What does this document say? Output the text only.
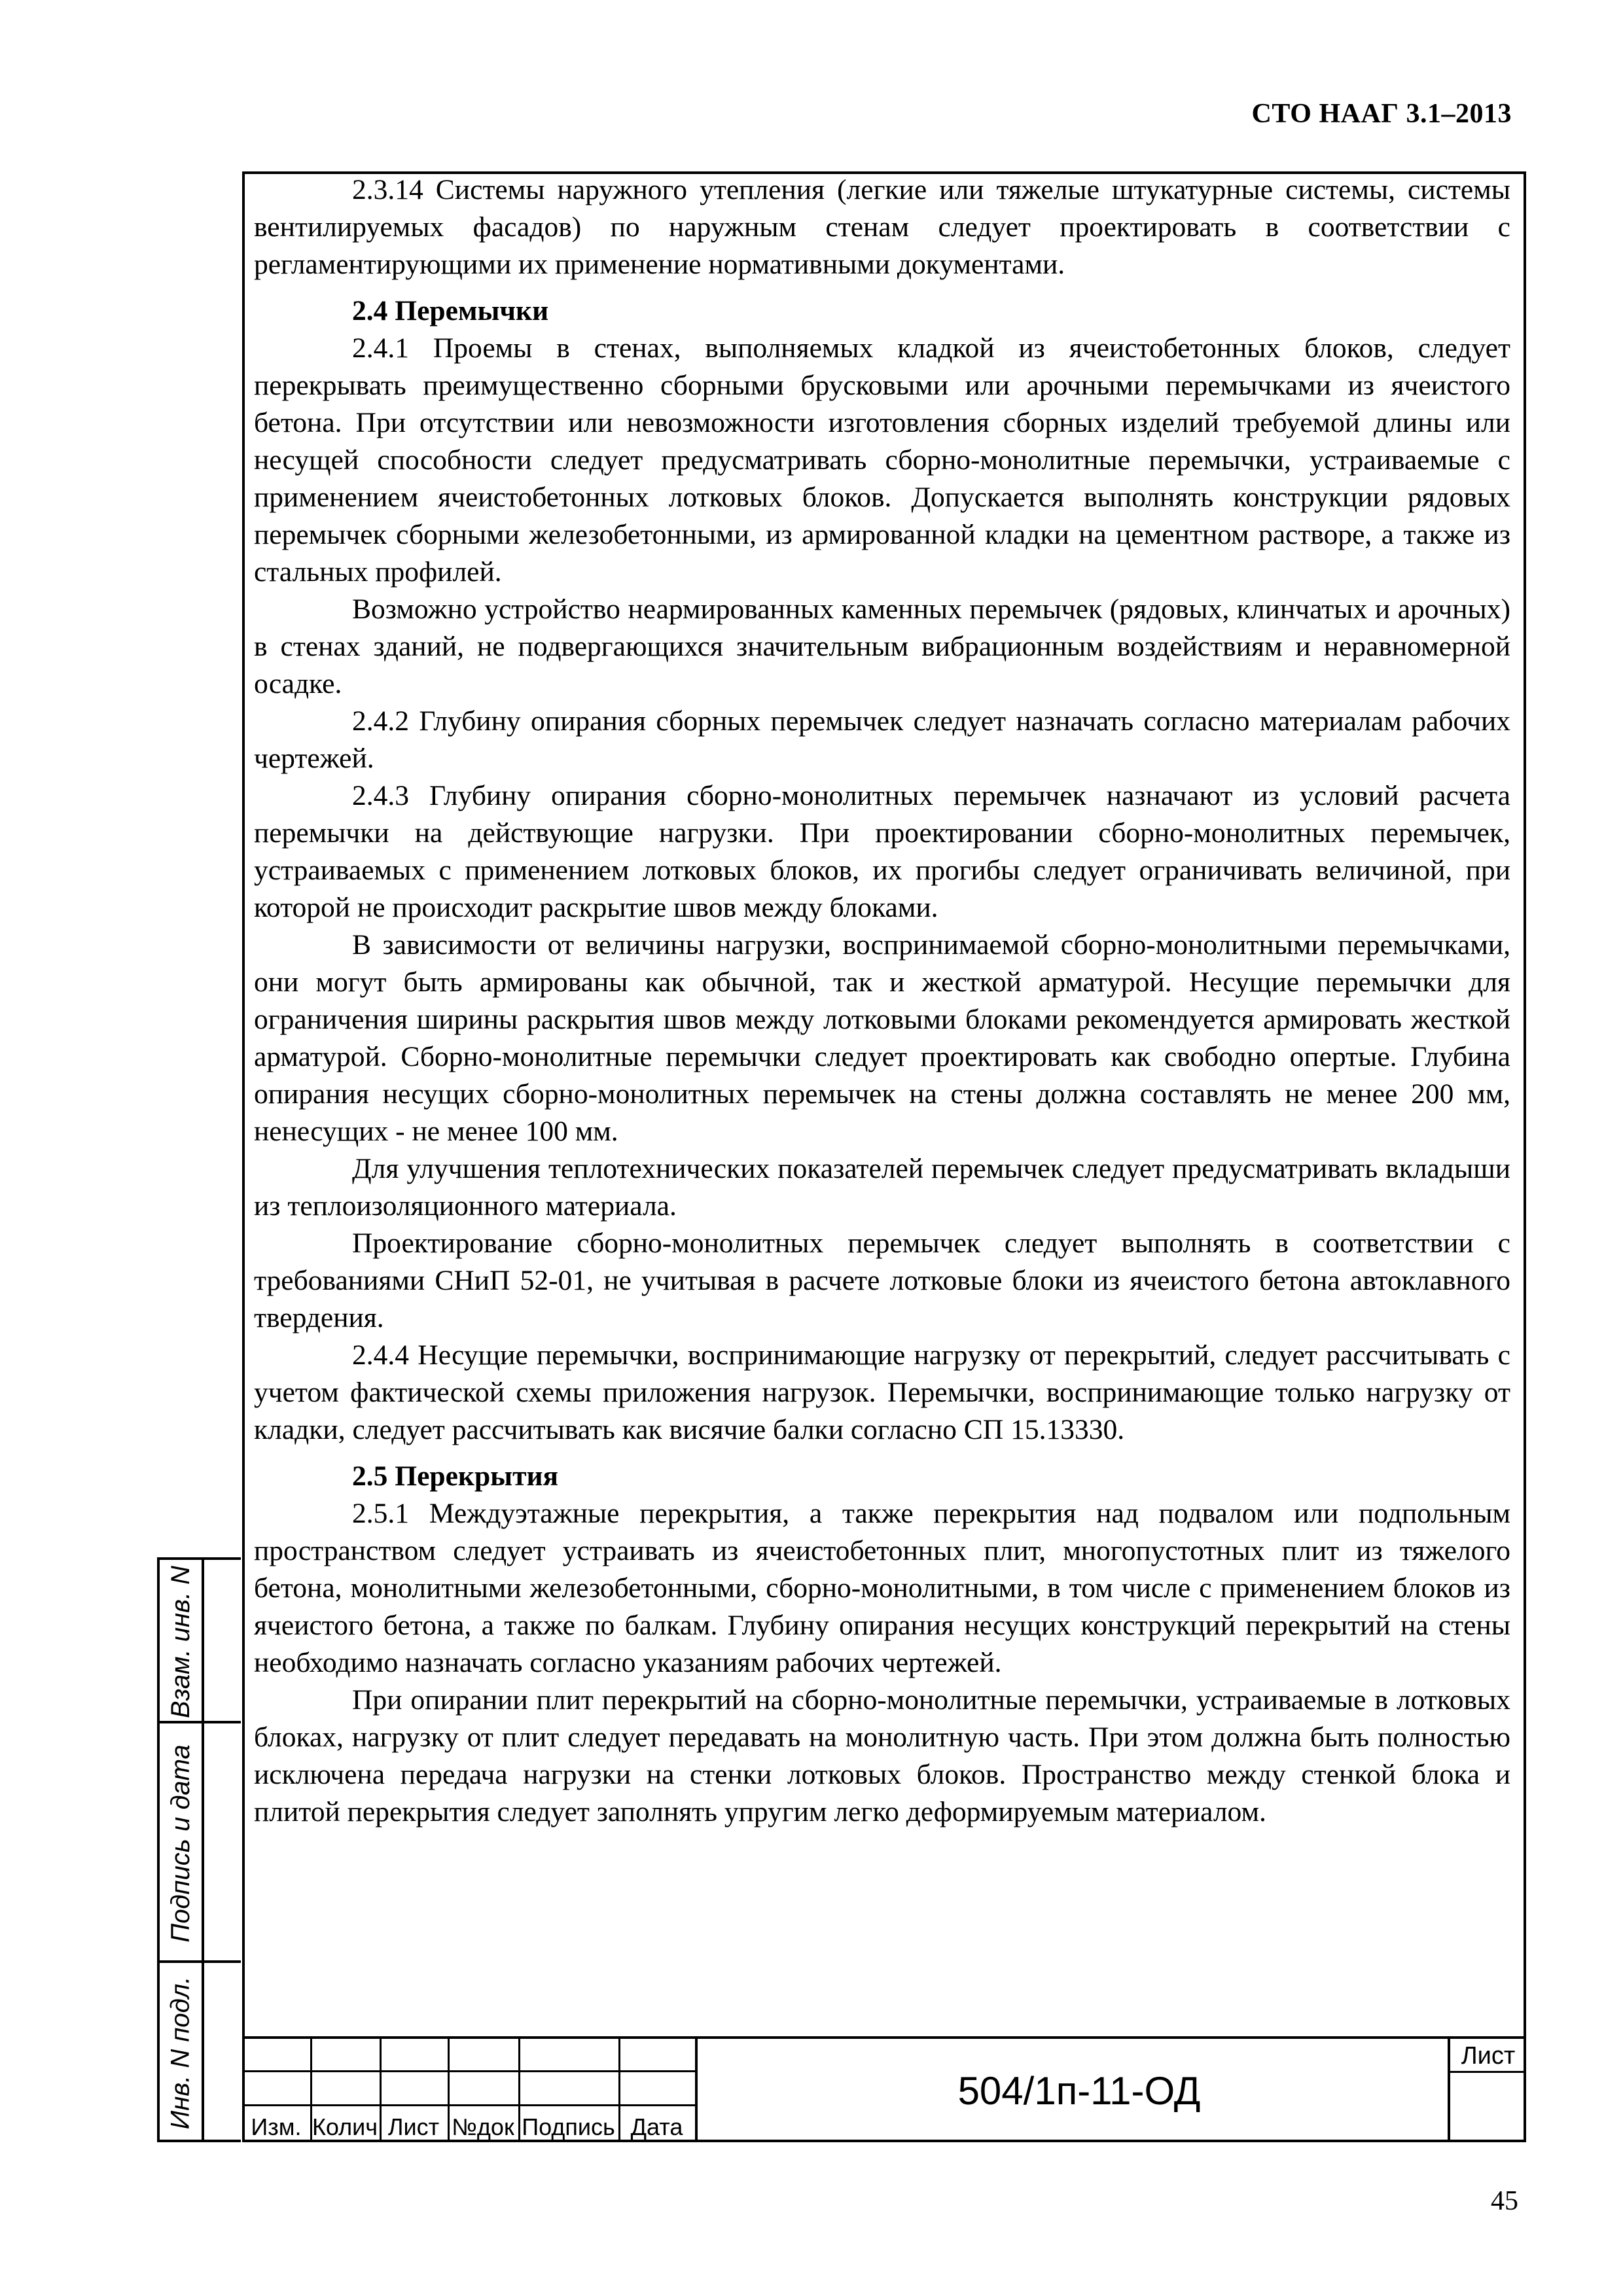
СТО НААГ 3.1–2013

2.3.14 Системы наружного утепления (легкие или тяжелые штукатурные системы, системы вентилируемых фасадов) по наружным стенам следует проектировать в соответствии с регламентирующими их применение нормативными документами.

2.4 Перемычки

2.4.1 Проемы в стенах, выполняемых кладкой из ячеистобетонных блоков, следует перекрывать преимущественно сборными брусковыми или арочными перемычками из ячеистого бетона. При отсутствии или невозможности изготовления сборных изделий требуемой длины или несущей способности следует предусматривать сборно-монолитные перемычки, устраиваемые с применением ячеистобетонных лотковых блоков. Допускается выполнять конструкции рядовых перемычек сборными железобетонными, из армированной кладки на цементном растворе, а также из стальных профилей.

Возможно устройство неармированных каменных перемычек (рядовых, клинчатых и арочных) в стенах зданий, не подвергающихся значительным вибрационным воздействиям и неравномерной осадке.

2.4.2 Глубину опирания сборных перемычек следует назначать согласно материалам рабочих чертежей.

2.4.3 Глубину опирания сборно-монолитных перемычек назначают из условий расчета перемычки на действующие нагрузки. При проектировании сборно-монолитных перемычек, устраиваемых с применением лотковых блоков, их прогибы следует ограничивать величиной, при которой не происходит раскрытие швов между блоками.

В зависимости от величины нагрузки, воспринимаемой сборно-монолитными перемычками, они могут быть армированы как обычной, так и жесткой арматурой. Несущие перемычки для ограничения ширины раскрытия швов между лотковыми блоками рекомендуется армировать жесткой арматурой. Сборно-монолитные перемычки следует проектировать как свободно опертые. Глубина опирания несущих сборно-монолитных перемычек на стены должна составлять не менее 200 мм, ненесущих - не менее 100 мм.

Для улучшения теплотехнических показателей перемычек следует предусматривать вкладыши из теплоизоляционного материала.

Проектирование сборно-монолитных перемычек следует выполнять в соответствии с требованиями СНиП 52-01, не учитывая в расчете лотковые блоки из ячеистого бетона автоклавного твердения.

2.4.4 Несущие перемычки, воспринимающие нагрузку от перекрытий, следует рассчитывать с учетом фактической схемы приложения нагрузок. Перемычки, воспринимающие только нагрузку от кладки, следует рассчитывать как висячие балки согласно СП 15.13330.

2.5 Перекрытия

2.5.1 Междуэтажные перекрытия, а также перекрытия над подвалом или подпольным пространством следует устраивать из ячеистобетонных плит, многопустотных плит из тяжелого бетона, монолитными железобетонными, сборно-монолитными, в том числе с применением блоков из ячеистого бетона, а также по балкам. Глубину опирания несущих конструкций перекрытий на стены необходимо назначать согласно указаниям рабочих чертежей.

При опирании плит перекрытий на сборно-монолитные перемычки, устраиваемые в лотковых блоках, нагрузку от плит следует передавать на монолитную часть. При этом должна быть полностью исключена передача нагрузки на стенки лотковых блоков. Пространство между стенкой блока и плитой перекрытия следует заполнять упругим легко деформируемым материалом.

Взам. инв. N
Подпись и дата
Инв. N подл.	Изм. Колич Лист №док Подпись Дата
504/1п-11-ОД
Лист
45
